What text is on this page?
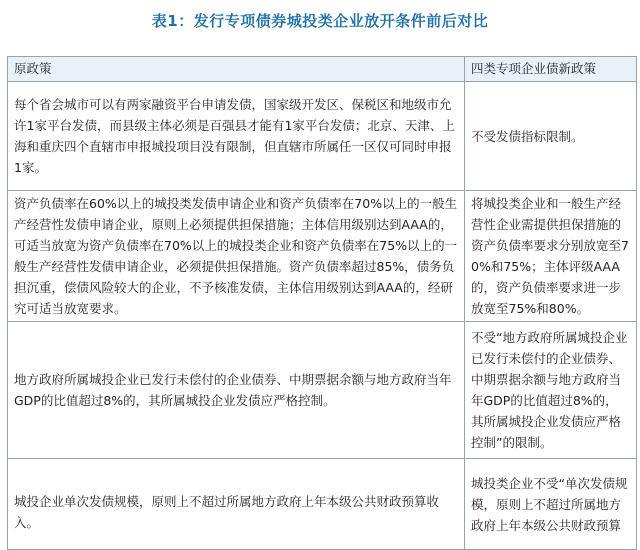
表1：发行专项债券城投类企业放开条件前后对比
原政策	四类专项企业债新政策
每个省会城市可以有两家融资平台申请发债，国家级开发区、保税区和地级市允许1家平台发债，而县级主体必须是百强县才能有1家平台发债；北京、天津、上海和重庆四个直辖市申报城投项目没有限制，但直辖市所属任一区仅可同时申报1家。	不受发债指标限制。
资产负债率在60%以上的城投类发债申请企业和资产负债率在70%以上的一般生产经营性发债申请企业，原则上必须提供担保措施；主体信用级别达到AAA的，可适当放宽为资产负债率在70%以上的城投类企业和资产负债率在75%以上的一般生产经营性发债申请企业，必须提供担保措施。资产负债率超过85%，债务负担沉重，偿债风险较大的企业，不予核准发债，主体信用级别达到AAA的，经研究可适当放宽要求。	将城投类企业和一般生产经营性企业需提供担保措施的资产负债率要求分别放宽至70%和75%；主体评级AAA的，资产负债率要求进一步放宽至75%和80%。
地方政府所属城投企业已发行未偿付的企业债券、中期票据余额与地方政府当年GDP的比值超过8%的，其所属城投企业发债应严格控制。	不受“地方政府所属城投企业已发行未偿付的企业债券、中期票据余额与地方政府当年GDP的比值超过8%的，其所属城投企业发债应严格控制”的限制。
城投企业单次发债规模，原则上不超过所属地方政府上年本级公共财政预算收入。	城投类企业不受“单次发债规模，原则上不超过所属地方政府上年本级公共财政预算
